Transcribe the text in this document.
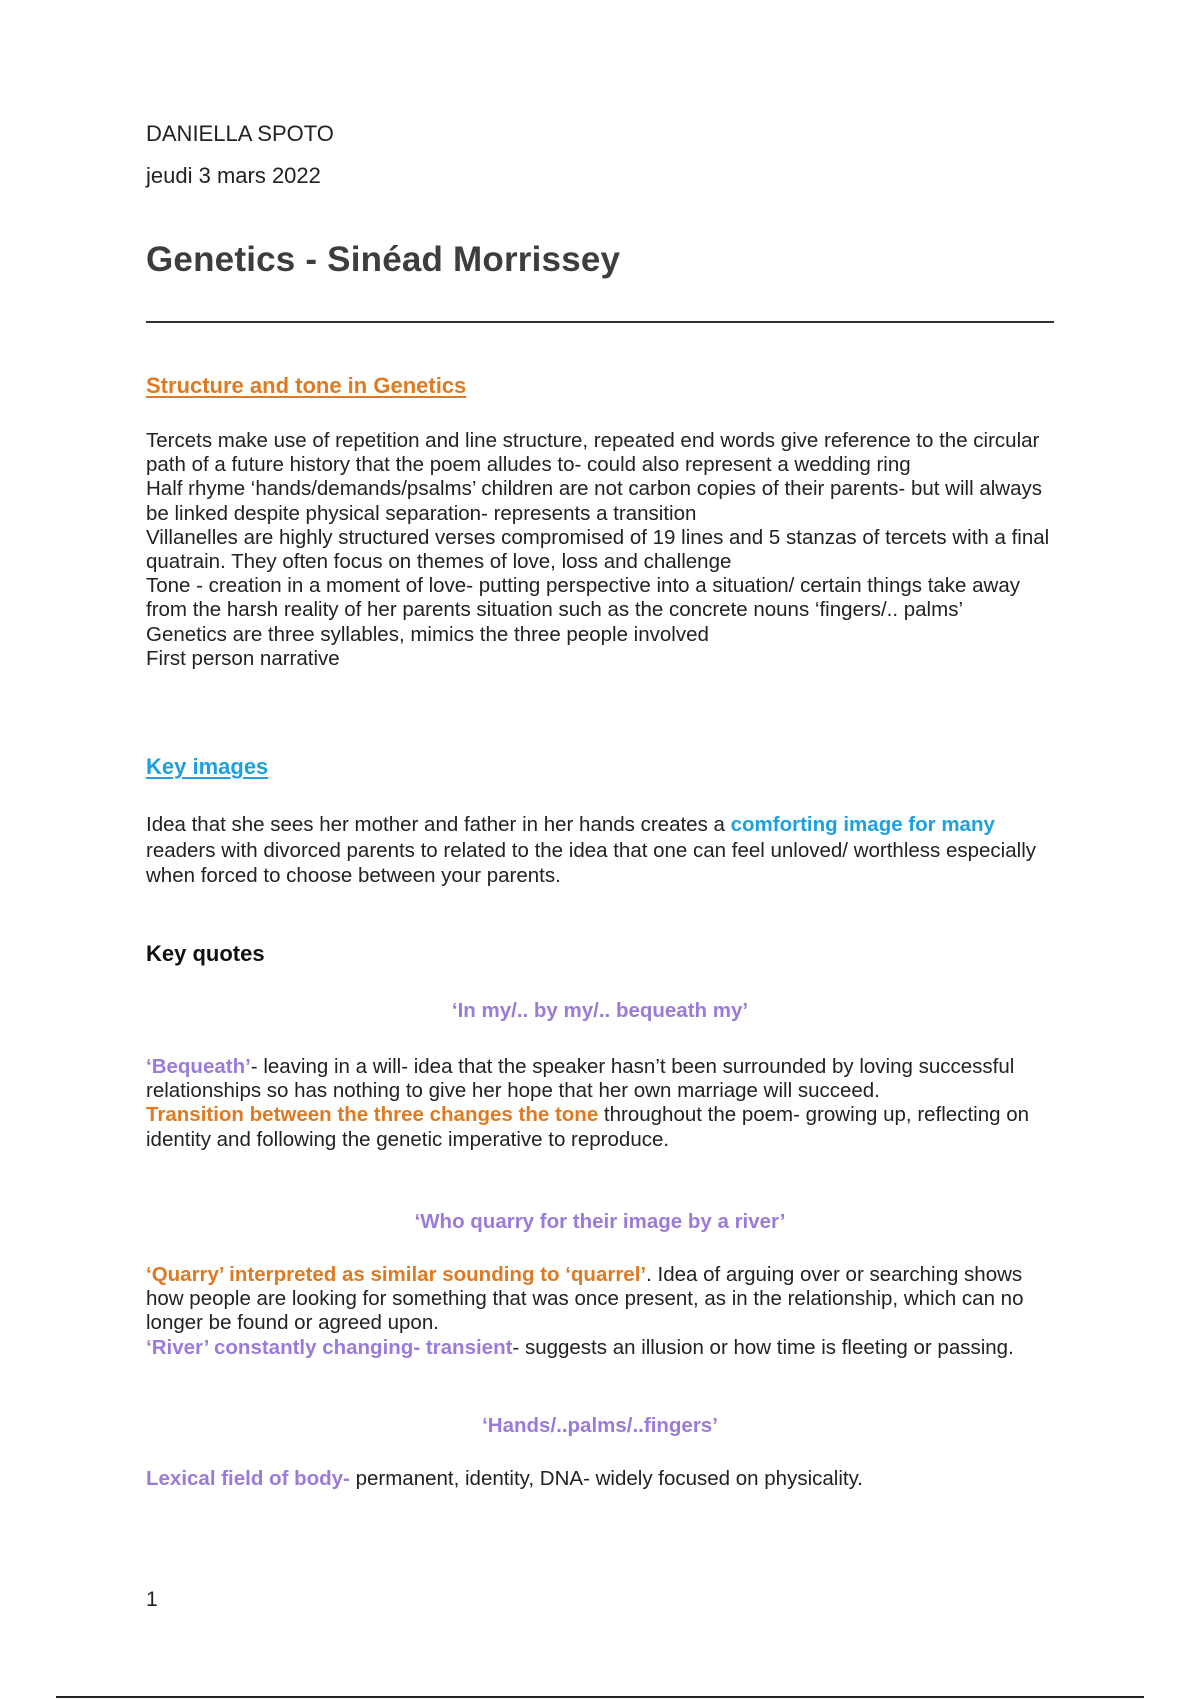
DANIELLA SPOTO
jeudi 3 mars 2022
Genetics - Sinéad Morrissey
Structure and tone in Genetics

Tercets make use of repetition and line structure, repeated end words give reference to the circular path of a future history that the poem alludes to- could also represent a wedding ring

Half rhyme ‘hands/demands/psalms’ children are not carbon copies of their parents- but will always be linked despite physical separation- represents a transition

Villanelles are highly structured verses compromised of 19 lines and 5 stanzas of tercets with a final quatrain. They often focus on themes of love, loss and challenge

Tone - creation in a moment of love- putting perspective into a situation/ certain things take away from the harsh reality of her parents situation such as the concrete nouns ‘fingers/.. palms’

Genetics are three syllables, mimics the three people involved

First person narrative

Key images

Idea that she sees her mother and father in her hands creates a comforting image for many readers with divorced parents to related to the idea that one can feel unloved/ worthless especially when forced to choose between your parents.

Key quotes
‘In my/.. by my/.. bequeath my’

‘Bequeath’- leaving in a will- idea that the speaker hasn’t been surrounded by loving successful relationships so has nothing to give her hope that her own marriage will succeed.

Transition between the three changes the tone throughout the poem- growing up, reflecting on identity and following the genetic imperative to reproduce.

‘Who quarry for their image by a river’

‘Quarry’ interpreted as similar sounding to ‘quarrel’. Idea of arguing over or searching shows how people are looking for something that was once present, as in the relationship, which can no longer be found or agreed upon.

‘River’ constantly changing- transient- suggests an illusion or how time is fleeting or passing.

‘Hands/..palms/..fingers’

Lexical field of body- permanent, identity, DNA- widely focused on physicality.

1
